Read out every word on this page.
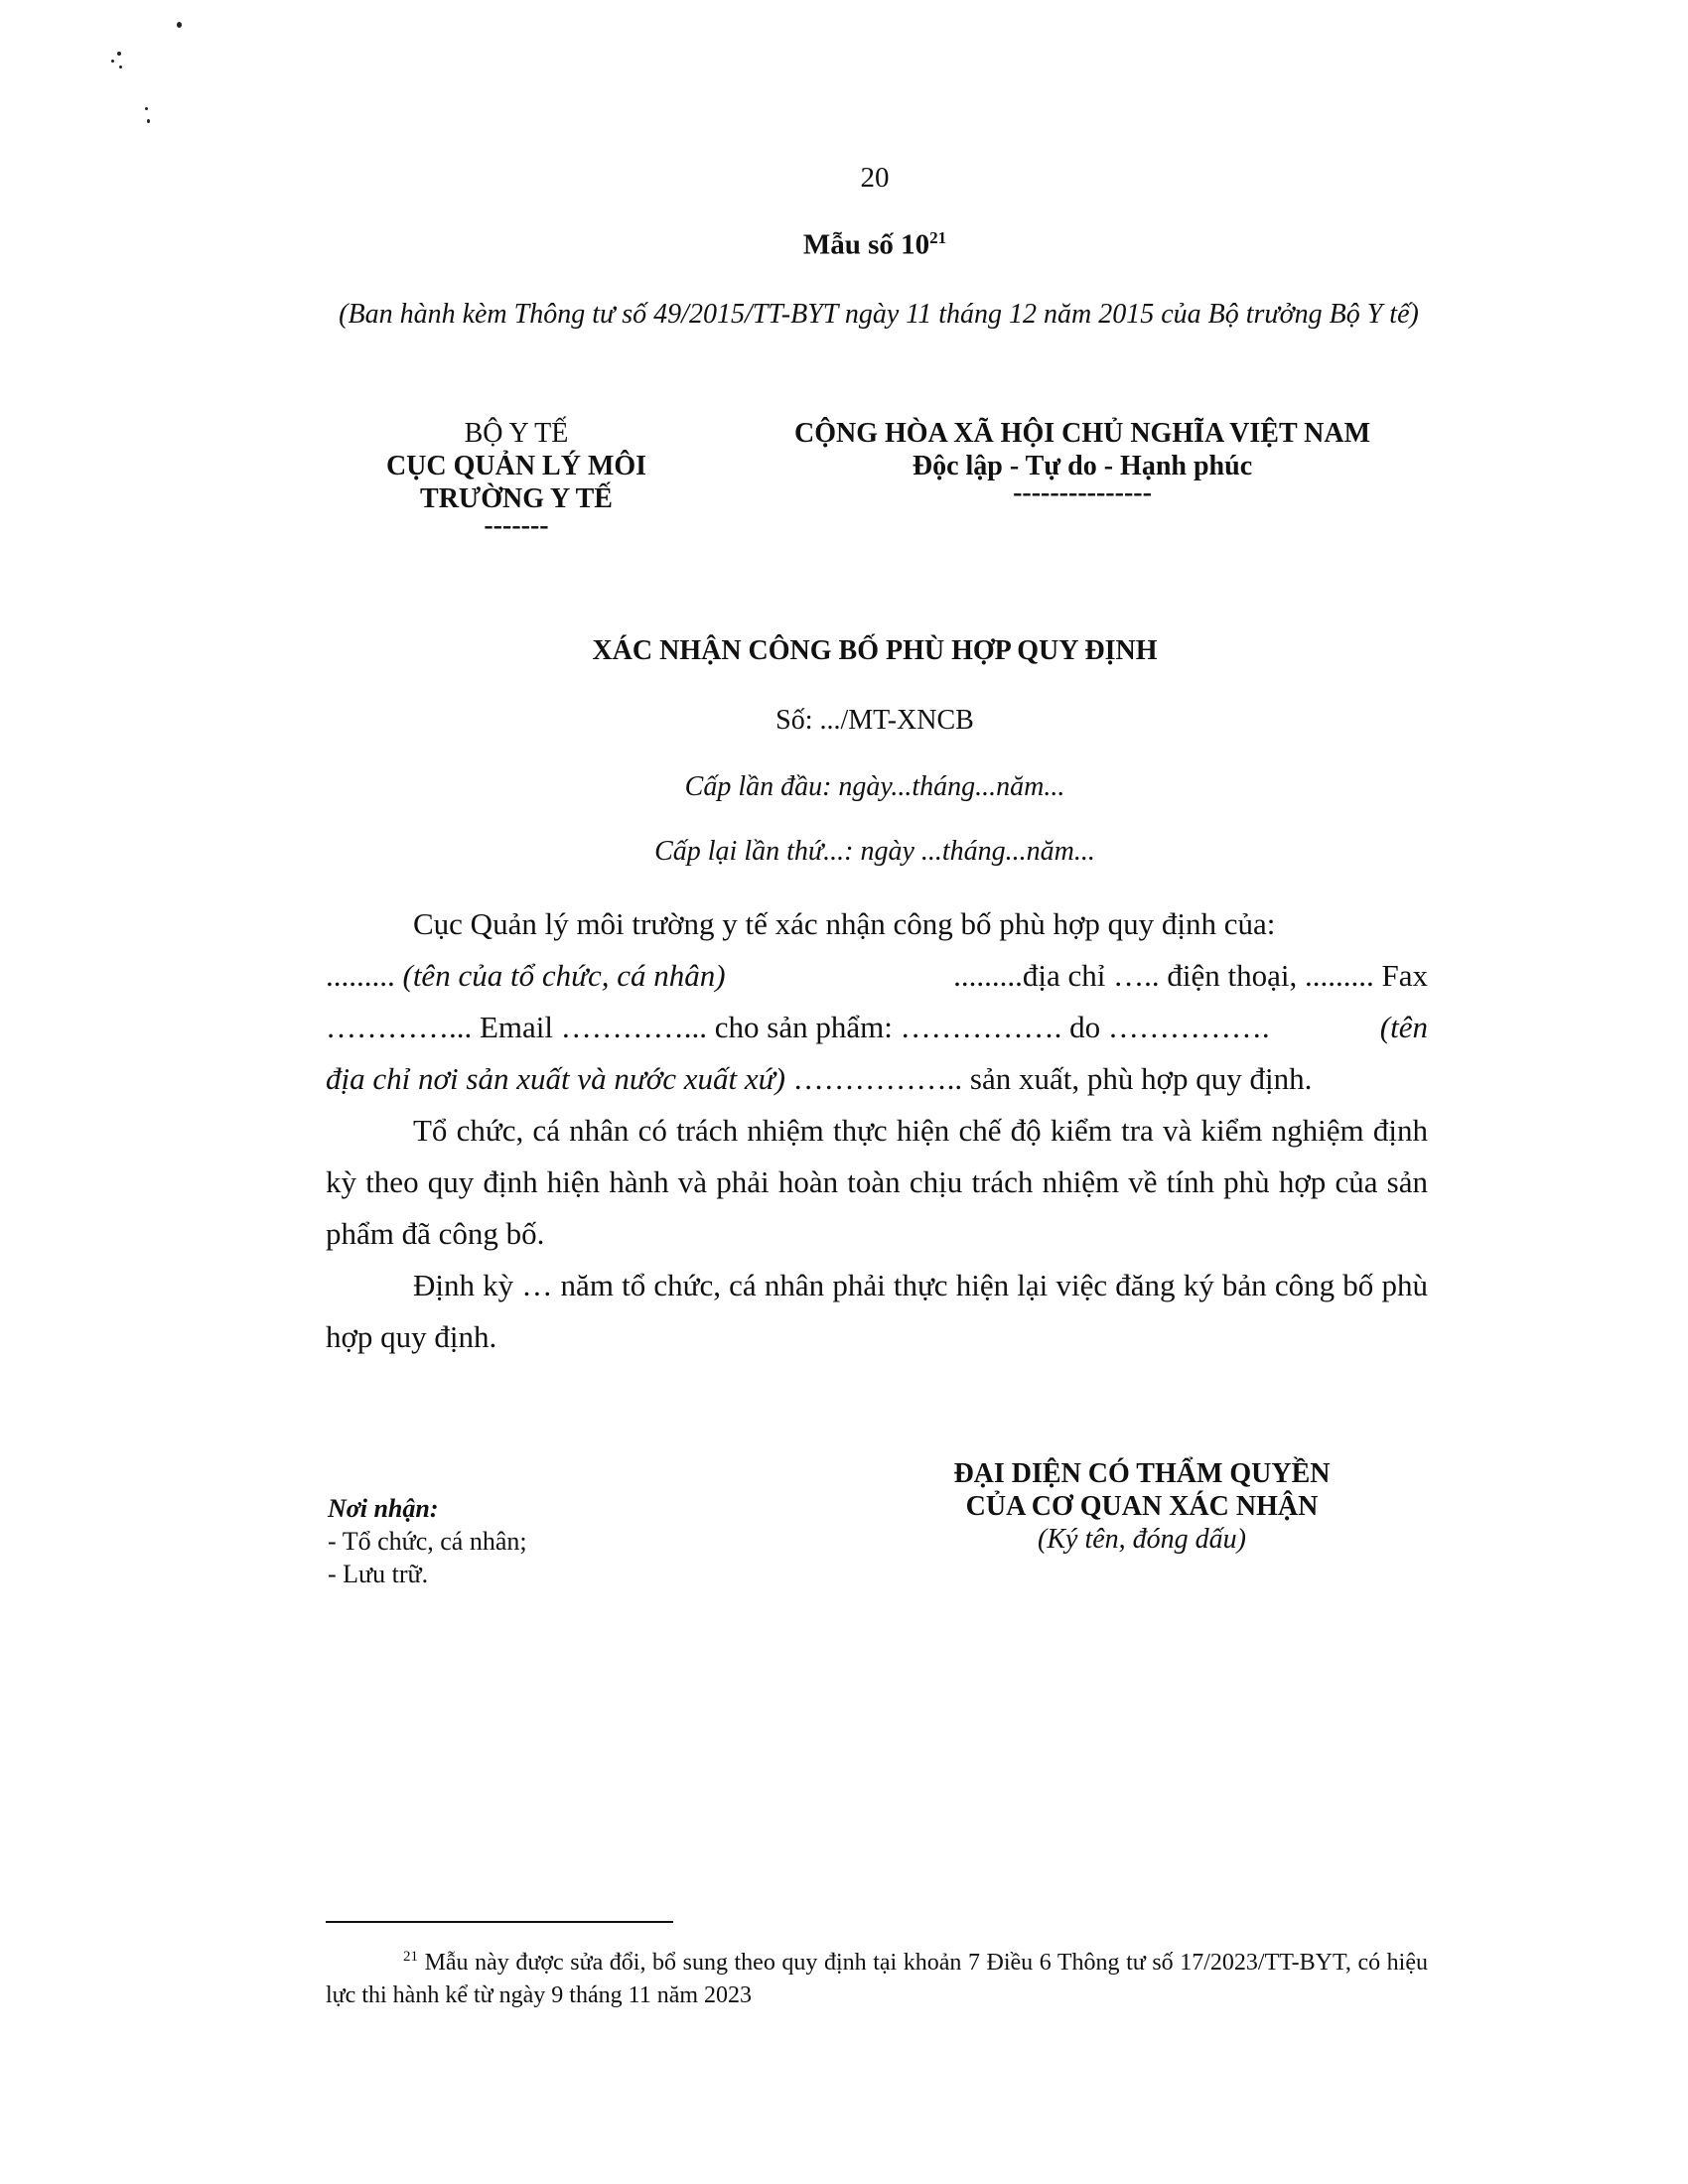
20
Mẫu số $10^{21}$
(Ban hành kèm Thông tư số 49/2015/TT-BYT ngày 11 tháng 12 năm 2015 của Bộ trưởng Bộ Y tế)
BỘ Y TẾ
CỤC QUẢN LÝ MÔI
TRƯỜNG Y TẾ
-------
CỘNG HÒA XÃ HỘI CHỦ NGHĨA VIỆT NAM
Độc lập - Tự do - Hạnh phúc
---------------
XÁC NHẬN CÔNG BỐ PHÙ HỢP QUY ĐỊNH
Số: .../MT-XNCB
Cấp lần đầu: ngày...tháng...năm...
Cấp lại lần thứ...: ngày ...tháng...năm...

Cục Quản lý môi trường y tế xác nhận công bố phù hợp quy định của:

......... (tên của tổ chức, cá nhân)	.........địa chỉ ….. điện thoại, ......... Fax
…………... Email …………... cho sản phẩm: ……………. do …………….	(tên
địa chỉ nơi sản xuất và nước xuất xứ) …………….. sản xuất, phù hợp quy định.

Tổ chức, cá nhân có trách nhiệm thực hiện chế độ kiểm tra và kiểm nghiệm định kỳ theo quy định hiện hành và phải hoàn toàn chịu trách nhiệm về tính phù hợp của sản phẩm đã công bố.

Định kỳ … năm tổ chức, cá nhân phải thực hiện lại việc đăng ký bản công bố phù hợp quy định.

ĐẠI DIỆN CÓ THẨM QUYỀN
CỦA CƠ QUAN XÁC NHẬN
(Ký tên, đóng dấu)
Nơi nhận:
- Tổ chức, cá nhân;
- Lưu trữ.
$^{21}$ Mẫu này được sửa đổi, bổ sung theo quy định tại khoản 7 Điều 6 Thông tư số 17/2023/TT-BYT, có hiệu lực thi hành kể từ ngày 9 tháng 11 năm 2023
